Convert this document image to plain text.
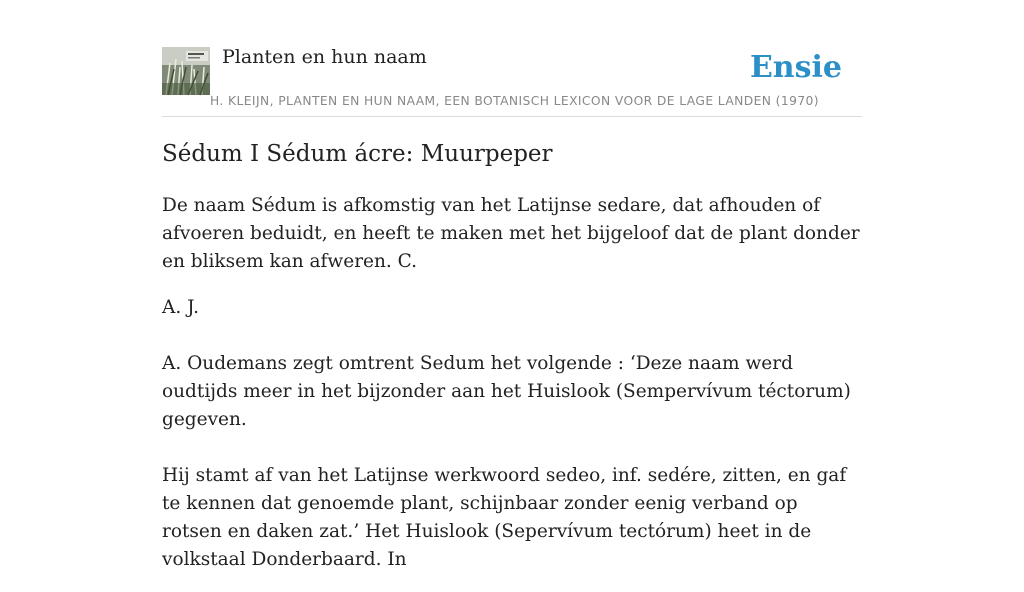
Planten en hun naam	Ensie
H. KLEIJN, PLANTEN EN HUN NAAM, EEN BOTANISCH LEXICON VOOR DE LAGE LANDEN (1970)
Sédum I Sédum ácre: Muurpeper

De naam Sédum is afkomstig van het Latijnse sedare, dat afhouden of afvoeren beduidt, en heeft te maken met het bijgeloof dat de plant donder en bliksem kan afweren. C.

A. J.

A. Oudemans zegt omtrent Sedum het volgende : ‘Deze naam werd oudtijds meer in het bijzonder aan het Huislook (Sempervívum téctorum) gegeven.

Hij stamt af van het Latijnse werkwoord sedeo, inf. sedére, zitten, en gaf te kennen dat genoemde plant, schijnbaar zonder eenig verband op rotsen en daken zat.’ Het Huislook (Sepervívum tectórum) heet in de volkstaal Donderbaard. In
